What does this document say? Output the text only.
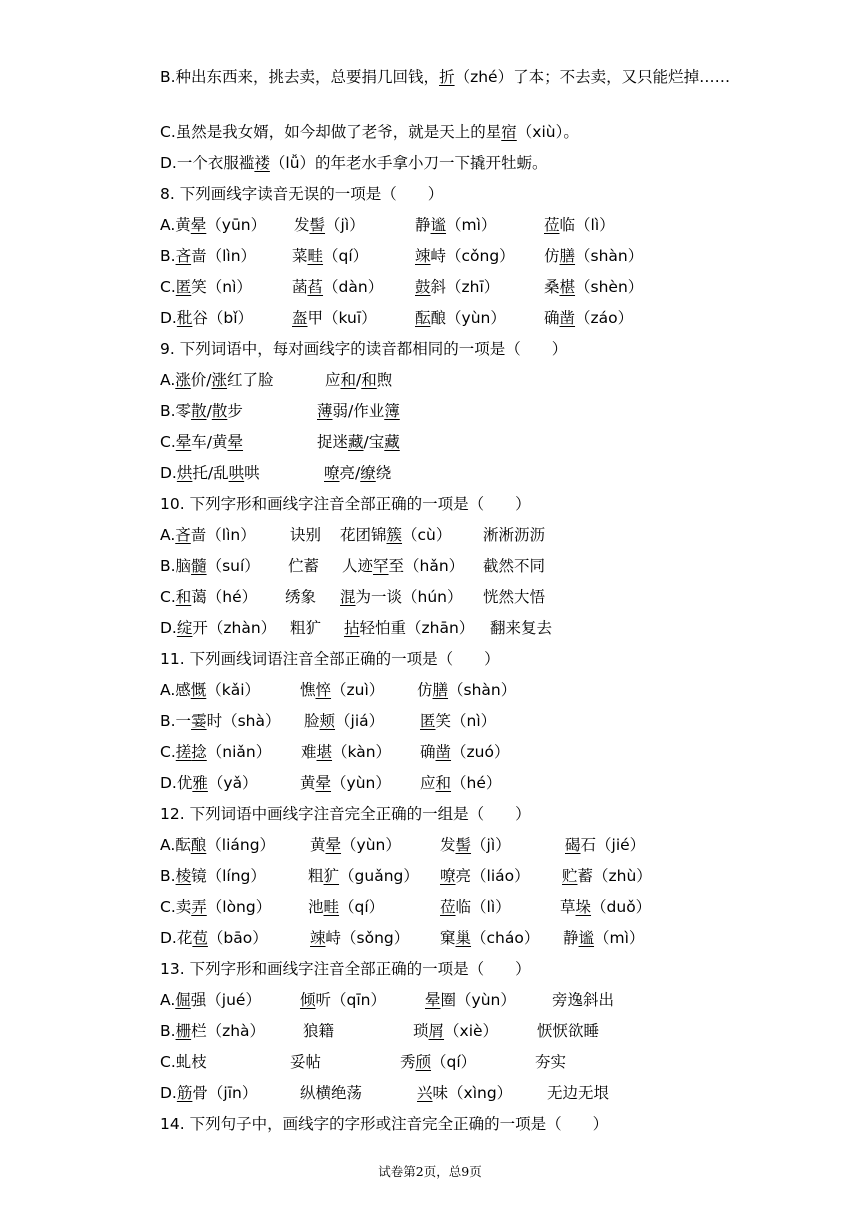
B.种出东西来，挑去卖，总要捐几回钱，折（zhé）了本；不去卖，又只能烂掉……
C.虽然是我女婿，如今却做了老爷，就是天上的星宿（xiù）。
D.一个衣服褴褛（lǚ）的年老水手拿小刀一下撬开牡蛎。
8. 下列画线字读音无误的一项是（　　）
A.黄晕（yūn） 发髻（jì）	静谧（mì）	莅临（lì）
B.吝啬（lìn） 菜畦（qí）	竦峙（cǒng） 仿膳（shàn）
C.匿笑（nì）	菡萏（dàn） 鼓斜（zhī）	桑椹（shèn）
D.秕谷（bǐ）	盔甲（kuī） 酝酿（yùn） 确凿（záo）
9. 下列词语中，每对画线字的读音都相同的一项是（　　）
A.涨价/涨红了脸	应和/和煦
B.零散/散步	薄弱/作业簿
C.晕车/黄晕	捉迷藏/宝藏
D.烘托/乱哄哄	嘹亮/缭绕
10. 下列字形和画线字注音全部正确的一项是（　　）
A.吝啬（lìn） 诀别 花团锦簇（cù） 淅淅沥沥
B.脑髓（suí） 伫蓄 人迹罕至（hǎn） 截然不同
C.和蔼（hé） 绣象 混为一谈（hún） 恍然大悟
D.绽开（zhàn） 粗犷 拈轻怕重（zhān） 翻来复去
11. 下列画线词语注音全部正确的一项是（　　）
A.感慨（kǎi）	憔悴（zuì） 仿膳（shàn）
B.一霎时（shà） 脸颊（jiá） 匿笑（nì）
C.搓捻（niǎn） 难堪（kàn） 确凿（zuó）
D.优雅（yǎ）	黄晕（yùn） 应和（hé）
12. 下列词语中画线字注音完全正确的一组是（　　）
A.酝酿（liáng） 黄晕（yùn）	发髻（jì）	碣石（jié）
B.棱镜（líng）	粗犷（guǎng） 嘹亮（liáo） 贮蓄（zhù）
C.卖弄（lòng） 池畦（qí）	莅临（lì）	草垛（duǒ）
D.花苞（bāo）	竦峙（sǒng） 窠巢（cháo） 静谧（mì）
13. 下列字形和画线字注音全部正确的一项是（　　）
A.倔强（jué）	倾听（qīn）	晕圈（yùn） 旁逸斜出
B.栅栏（zhà） 狼籍	琐屑（xiè）	恹恹欲睡
C.虬枝	妥帖	秀颀（qí）	夯实
D.筋骨（jīn）	纵横绝荡	兴味（xìng） 无边无垠
14. 下列句子中，画线字的字形或注音完全正确的一项是（　　）
试卷第2页，总9页
